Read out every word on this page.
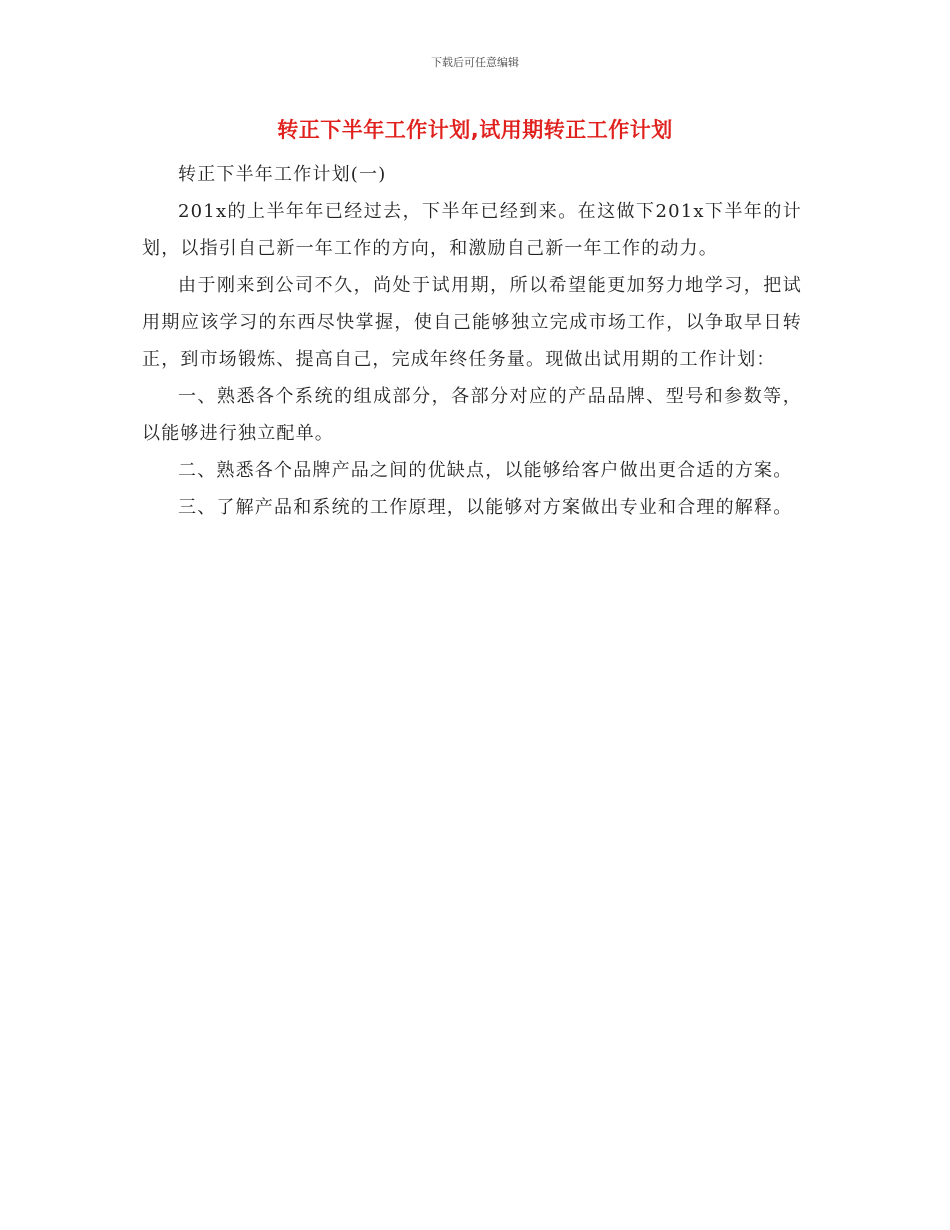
下载后可任意编辑
转正下半年工作计划,试用期转正工作计划

转正下半年工作计划(一)

201x的上半年年已经过去，下半年已经到来。在这做下201x下半年的计划，以指引自己新一年工作的方向，和激励自己新一年工作的动力。

由于刚来到公司不久，尚处于试用期，所以希望能更加努力地学习，把试用期应该学习的东西尽快掌握，使自己能够独立完成市场工作，以争取早日转正，到市场锻炼、提高自己，完成年终任务量。现做出试用期的工作计划：

一、熟悉各个系统的组成部分，各部分对应的产品品牌、型号和参数等，以能够进行独立配单。

二、熟悉各个品牌产品之间的优缺点，以能够给客户做出更合适的方案。

三、了解产品和系统的工作原理，以能够对方案做出专业和合理的解释。
